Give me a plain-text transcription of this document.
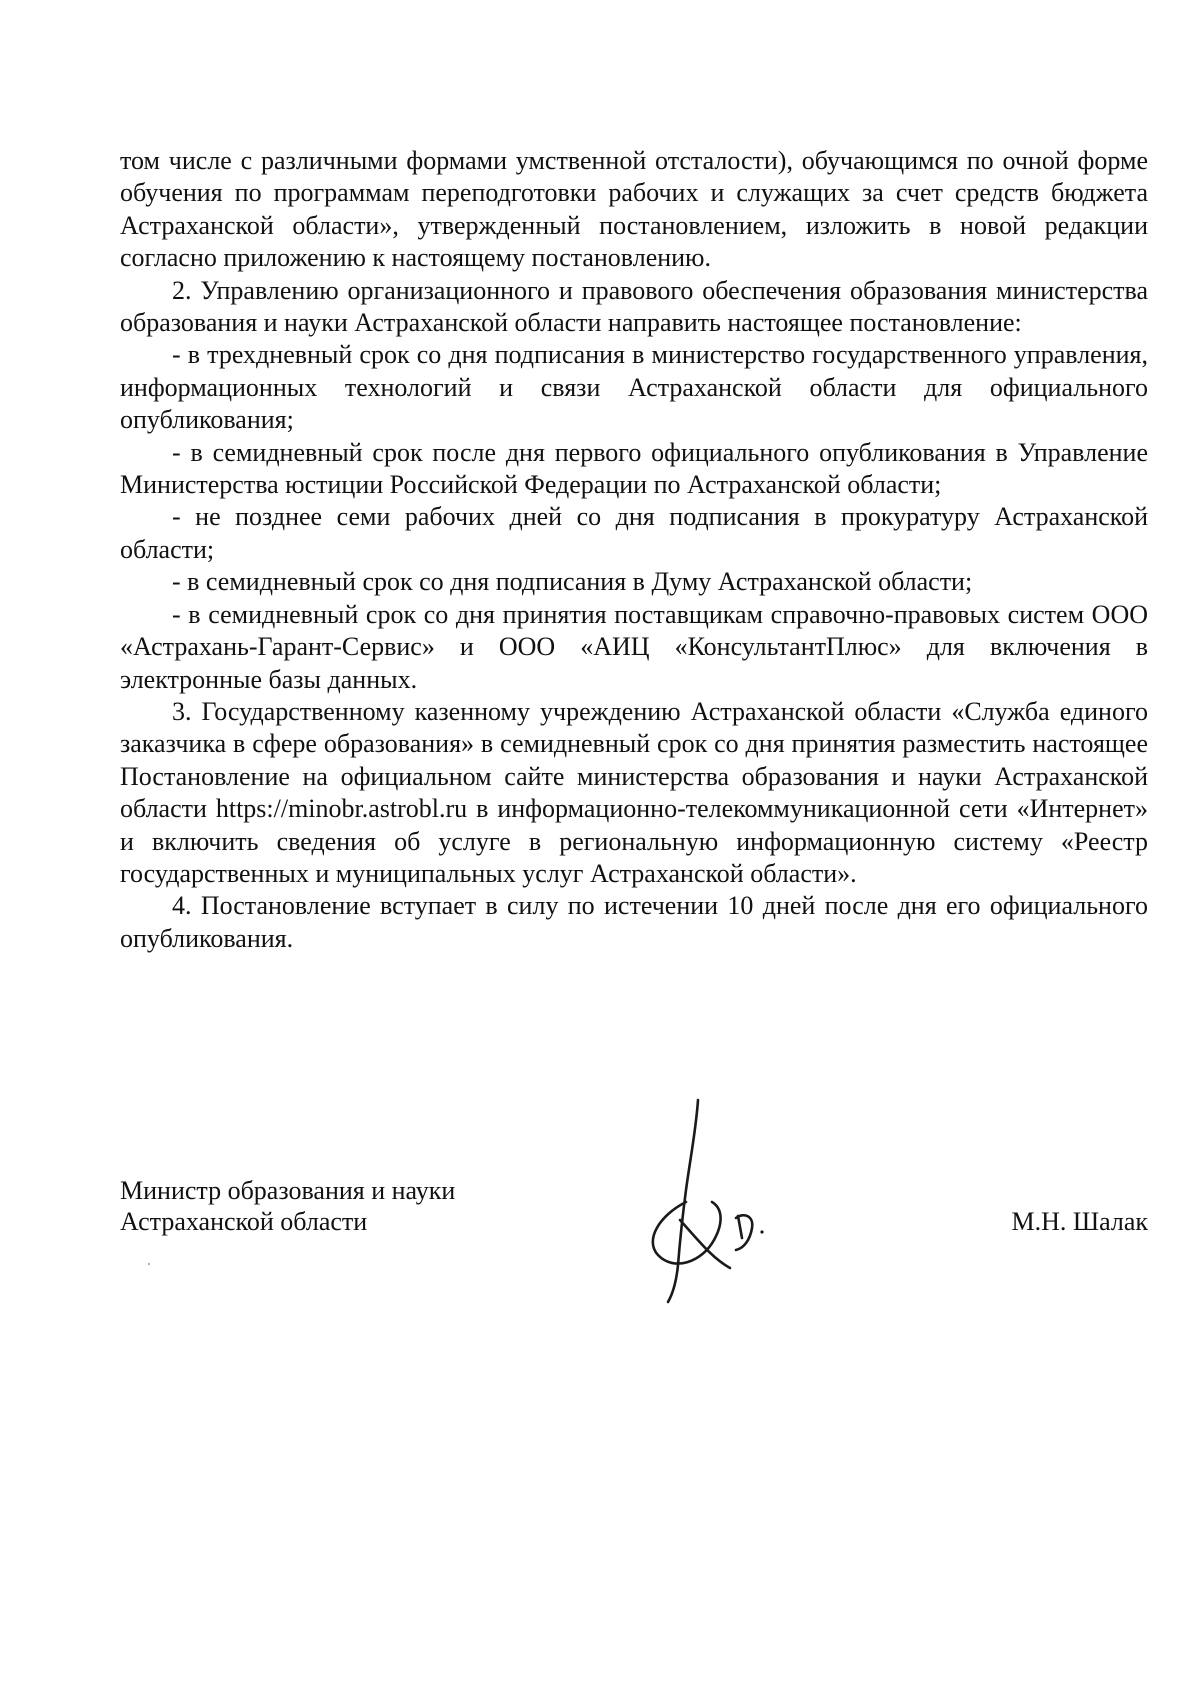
том числе с различными формами умственной отсталости), обучающимся по очной форме обучения по программам переподготовки рабочих и служащих за счет средств бюджета Астраханской области», утвержденный постановлением, изложить в новой редакции согласно приложению к настоящему постановлению.

2. Управлению организационного и правового обеспечения образования министерства образования и науки Астраханской области направить настоящее постановление:

- в трехдневный срок со дня подписания в министерство государственного управления, информационных технологий и связи Астраханской области для официального опубликования;

- в семидневный срок после дня первого официального опубликования в Управление Министерства юстиции Российской Федерации по Астраханской области;

- не позднее семи рабочих дней со дня подписания в прокуратуру Астраханской области;

- в семидневный срок со дня подписания в Думу Астраханской области;

- в семидневный срок со дня принятия поставщикам справочно-правовых систем ООО «Астрахань-Гарант-Сервис» и ООО «АИЦ «КонсультантПлюс» для включения в электронные базы данных.

3. Государственному казенному учреждению Астраханской области «Служба единого заказчика в сфере образования» в семидневный срок со дня принятия разместить настоящее Постановление на официальном сайте министерства образования и науки Астраханской области https://minobr.astrobl.ru в информационно-телекоммуникационной сети «Интернет» и включить сведения об услуге в региональную информационную систему «Реестр государственных и муниципальных услуг Астраханской области».

4. Постановление вступает в силу по истечении 10 дней после дня его официального опубликования.

Министр образования и науки
Астраханской области	М.Н. Шалак
